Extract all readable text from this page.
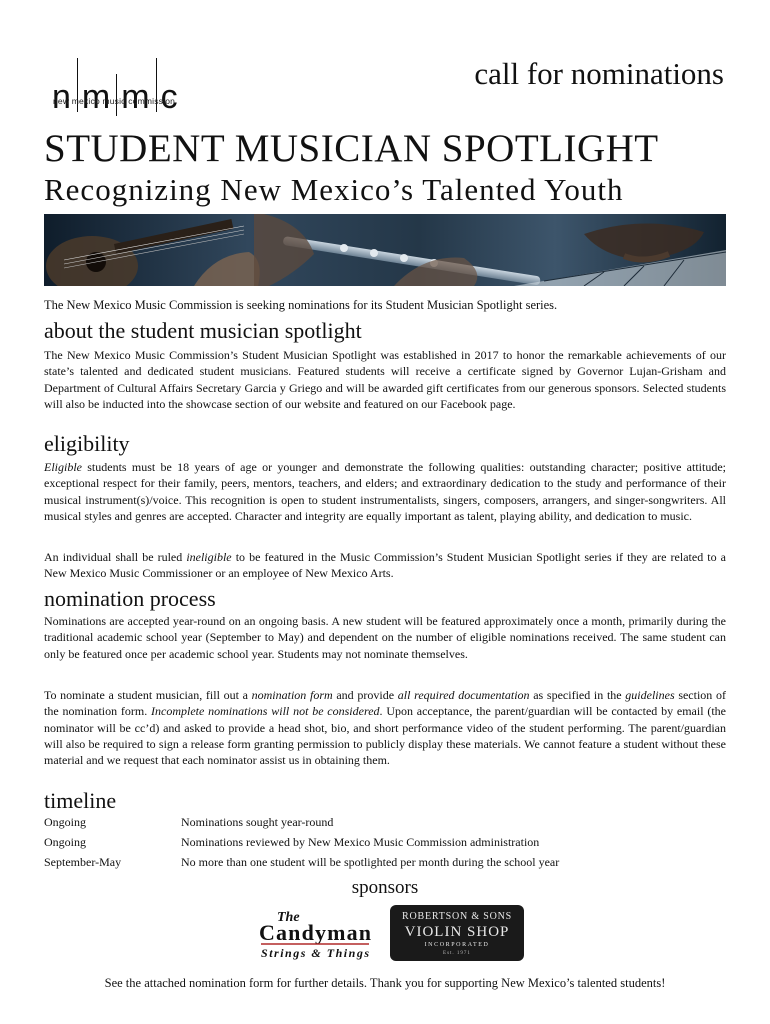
n m m c
new mexico music commission
call for nominations
STUDENT MUSICIAN SPOTLIGHT
Recognizing New Mexico’s Talented Youth
The New Mexico Music Commission is seeking nominations for its Student Musician Spotlight series.
about the student musician spotlight
The New Mexico Music Commission’s Student Musician Spotlight was established in 2017 to honor the remarkable achievements of our state’s talented and dedicated student musicians. Featured students will receive a certificate signed by Governor Lujan-Grisham and Department of Cultural Affairs Secretary Garcia y Griego and will be awarded gift certificates from our generous sponsors. Selected students will also be inducted into the showcase section of our website and featured on our Facebook page.
eligibility
Eligible students must be 18 years of age or younger and demonstrate the following qualities: outstanding character; positive attitude; exceptional respect for their family, peers, mentors, teachers, and elders; and extraordinary dedication to the study and performance of their musical instrument(s)/voice. This recognition is open to student instrumentalists, singers, composers, arrangers, and singer-songwriters. All musical styles and genres are accepted. Character and integrity are equally important as talent, playing ability, and dedication to music.
An individual shall be ruled ineligible to be featured in the Music Commission’s Student Musician Spotlight series if they are related to a New Mexico Music Commissioner or an employee of New Mexico Arts.
nomination process
Nominations are accepted year-round on an ongoing basis. A new student will be featured approximately once a month, primarily during the traditional academic school year (September to May) and dependent on the number of eligible nominations received. The same student can only be featured once per academic school year. Students may not nominate themselves.
To nominate a student musician, fill out a nomination form and provide all required documentation as specified in the guidelines section of the nomination form. Incomplete nominations will not be considered. Upon acceptance, the parent/guardian will be contacted by email (the nominator will be cc’d) and asked to provide a head shot, bio, and short performance video of the student performing. The parent/guardian will also be required to sign a release form granting permission to publicly display these materials. We cannot feature a student without these material and we request that each nominator assist us in obtaining them.
timeline
Ongoing	Nominations sought year-round
Ongoing	Nominations reviewed by New Mexico Music Commission administration
September-May	No more than one student will be spotlighted per month during the school year
sponsors
The
Candyman
Strings & Things
ROBERTSON & SONS
VIOLIN SHOP
INCORPORATED
Est. 1971
See the attached nomination form for further details. Thank you for supporting New Mexico’s talented students!
